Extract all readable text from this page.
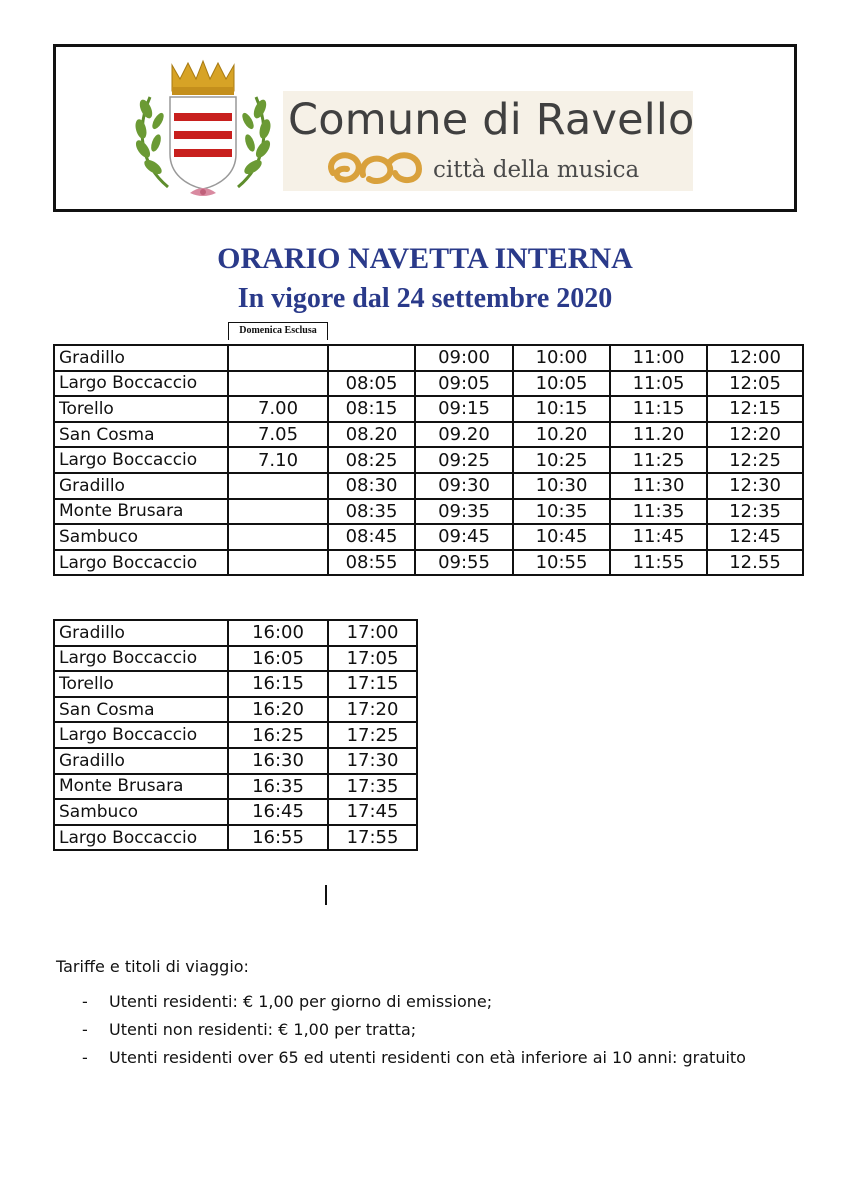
Comune di Ravello
città della musica
ORARIO NAVETTA INTERNA
In vigore dal 24 settembre 2020
Domenica Esclusa
Gradillo			09:00	10:00	11:00	12:00
Largo Boccaccio		08:05	09:05	10:05	11:05	12:05
Torello	7.00	08:15	09:15	10:15	11:15	12:15
San Cosma	7.05	08.20	09.20	10.20	11.20	12:20
Largo Boccaccio	7.10	08:25	09:25	10:25	11:25	12:25
Gradillo		08:30	09:30	10:30	11:30	12:30
Monte Brusara		08:35	09:35	10:35	11:35	12:35
Sambuco		08:45	09:45	10:45	11:45	12:45
Largo Boccaccio		08:55	09:55	10:55	11:55	12.55
Gradillo	16:00	17:00
Largo Boccaccio	16:05	17:05
Torello	16:15	17:15
San Cosma	16:20	17:20
Largo Boccaccio	16:25	17:25
Gradillo	16:30	17:30
Monte Brusara	16:35	17:35
Sambuco	16:45	17:45
Largo Boccaccio	16:55	17:55
Tariffe e titoli di viaggio:
- Utenti residenti: € 1,00 per giorno di emissione;
- Utenti non residenti: € 1,00 per tratta;
- Utenti residenti over 65 ed utenti residenti con età inferiore ai 10 anni: gratuito
